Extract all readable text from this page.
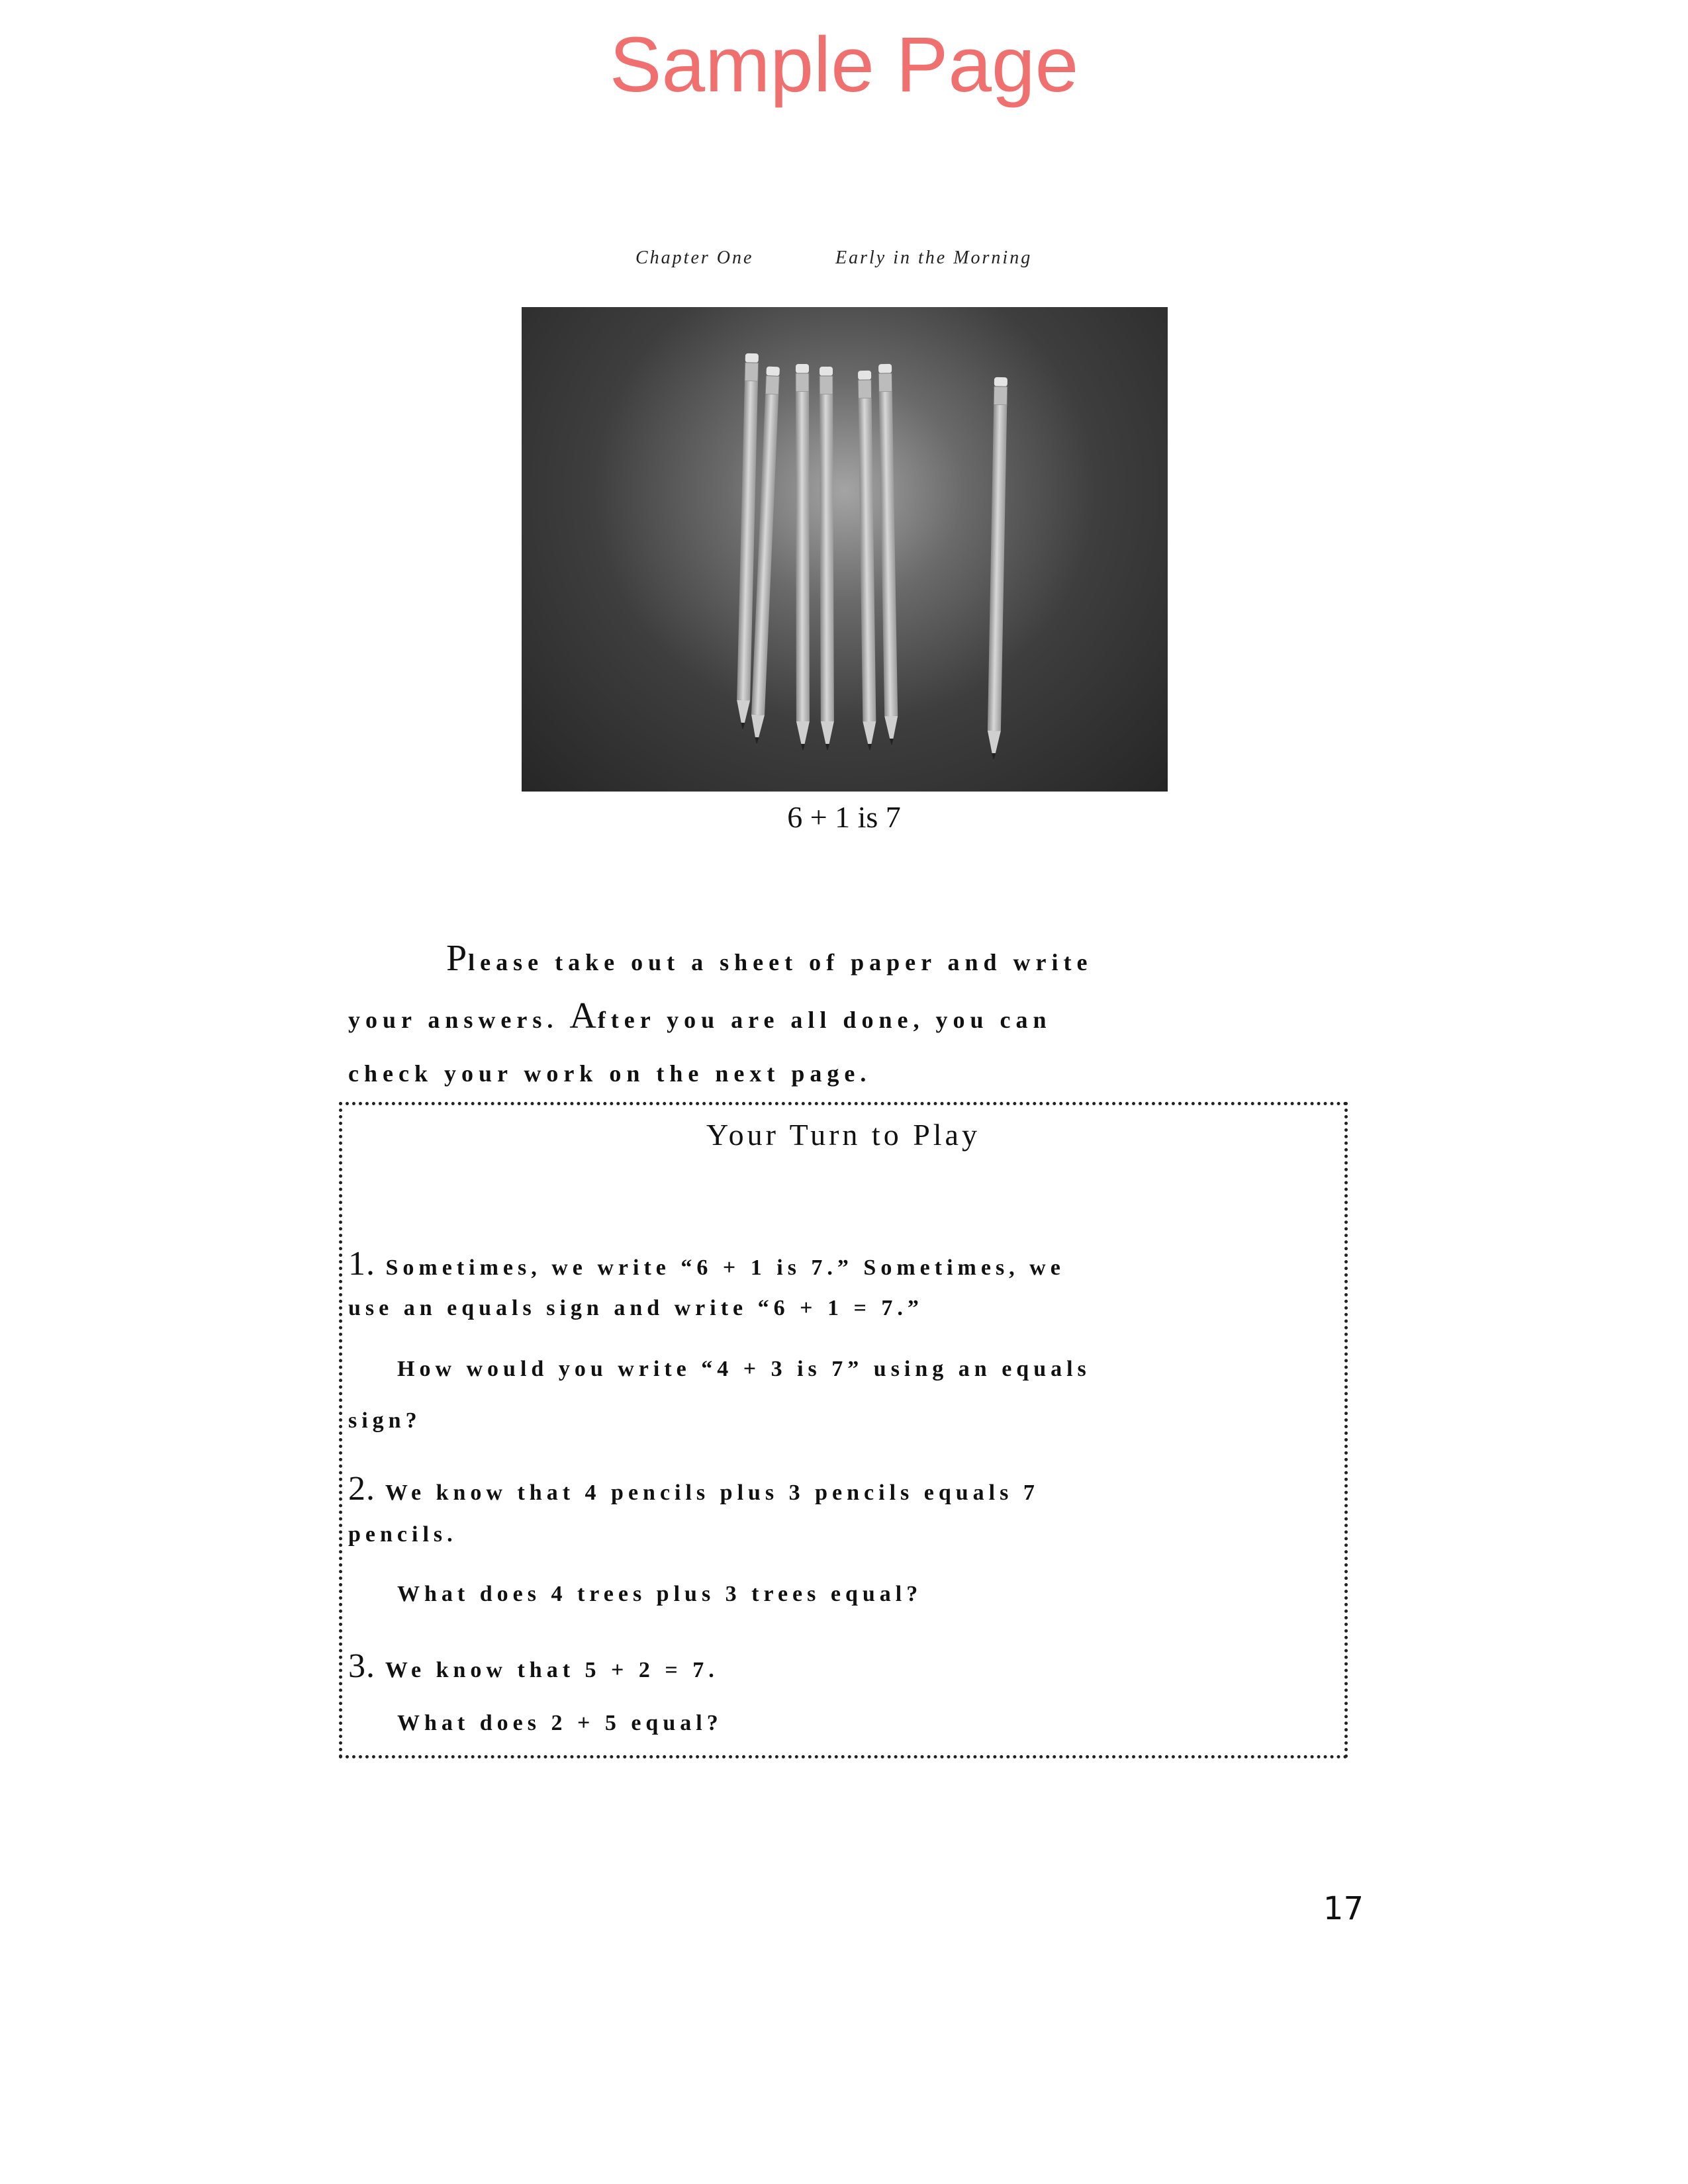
Sample Page
Chapter One	Early in the Morning
6 + 1 is 7
Please take out a sheet of paper and write
your answers. After you are all done, you can
check your work on the next page.
Your Turn to Play
1. Sometimes, we write “6 + 1 is 7.” Sometimes, we
use an equals sign and write “6 + 1 = 7.”
How would you write “4 + 3 is 7” using an equals
sign?
2. We know that 4 pencils plus 3 pencils equals 7
pencils.
What does 4 trees plus 3 trees equal?
3. We know that 5 + 2 = 7.
What does 2 + 5 equal?
17
